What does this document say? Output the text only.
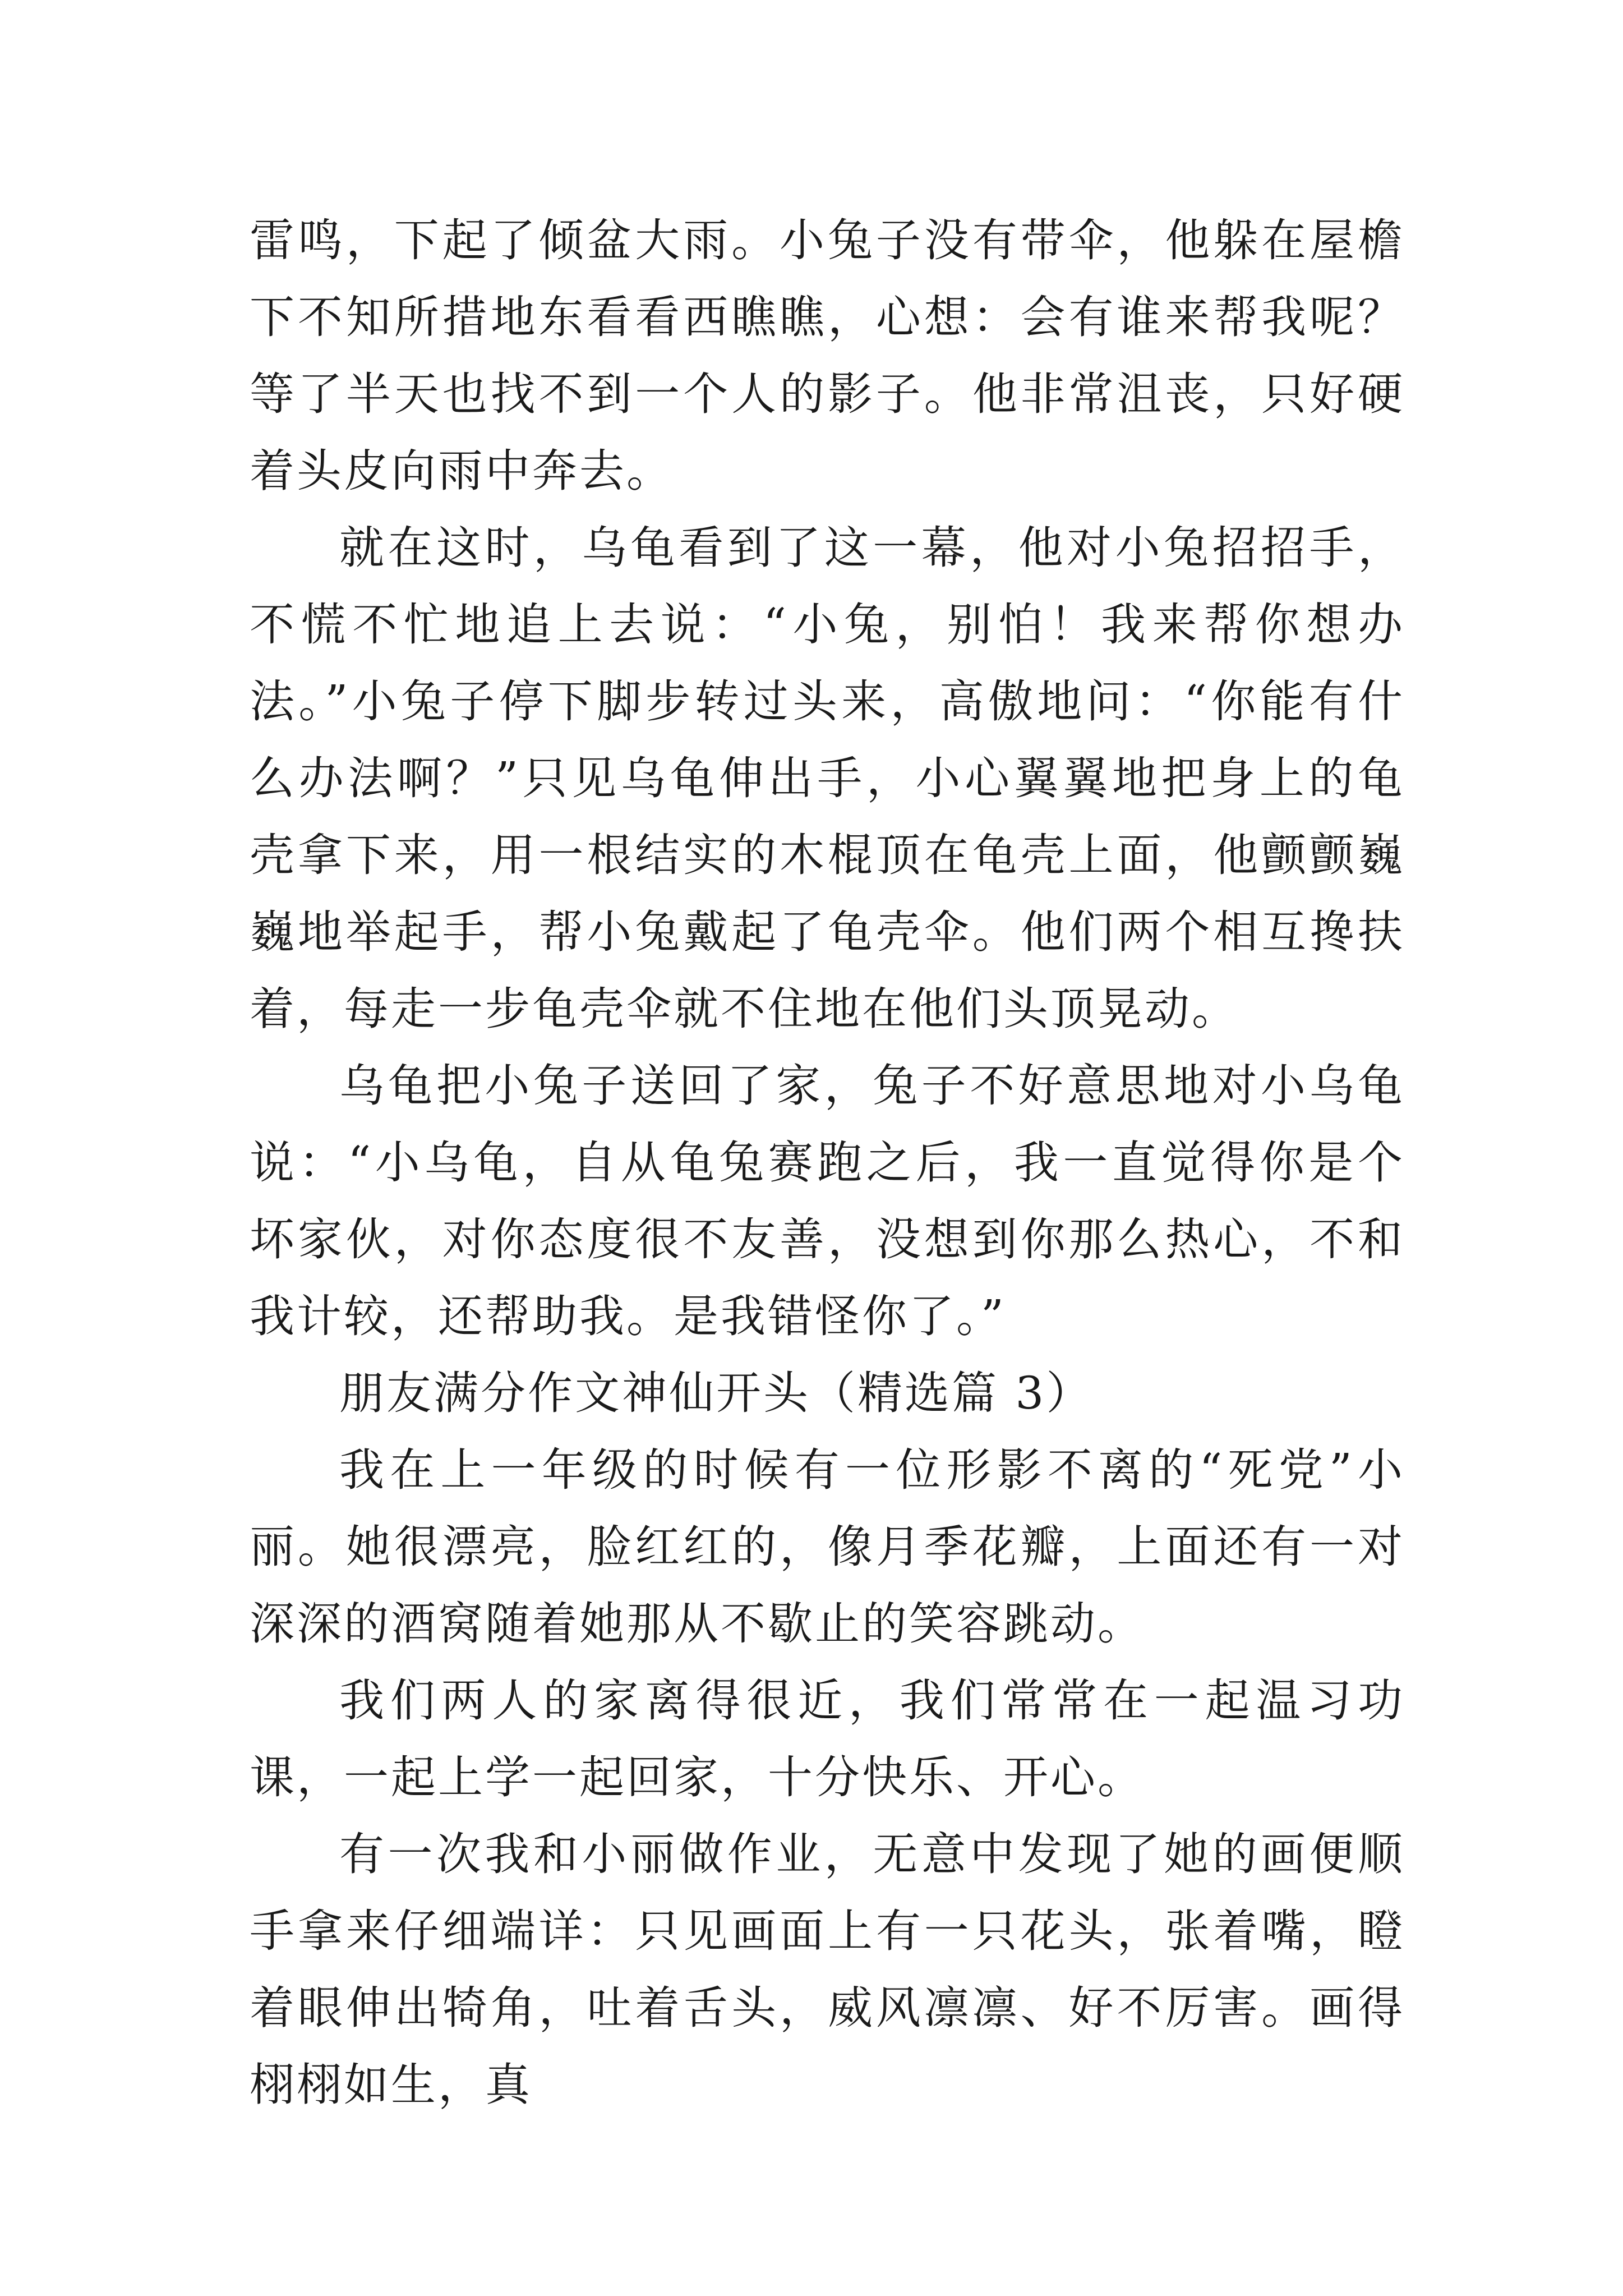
雷鸣，下起了倾盆大雨。小兔子没有带伞，他躲在屋檐下不知所措地东看看西瞧瞧，心想：会有谁来帮我呢？等了半天也找不到一个人的影子。他非常沮丧，只好硬着头皮向雨中奔去。

就在这时，乌龟看到了这一幕，他对小兔招招手，不慌不忙地追上去说：“小兔，别怕！我来帮你想办法。”小兔子停下脚步转过头来，高傲地问：“你能有什么办法啊？”只见乌龟伸出手，小心翼翼地把身上的龟壳拿下来，用一根结实的木棍顶在龟壳上面，他颤颤巍巍地举起手，帮小兔戴起了龟壳伞。他们两个相互搀扶着，每走一步龟壳伞就不住地在他们头顶晃动。

乌龟把小兔子送回了家，兔子不好意思地对小乌龟说：“小乌龟，自从龟兔赛跑之后，我一直觉得你是个坏家伙，对你态度很不友善，没想到你那么热心，不和我计较，还帮助我。是我错怪你了。”

朋友满分作文神仙开头（精选篇 3）

我在上一年级的时候有一位形影不离的“死党”小丽。她很漂亮，脸红红的，像月季花瓣，上面还有一对深深的酒窝随着她那从不歇止的笑容跳动。

我们两人的家离得很近，我们常常在一起温习功课，一起上学一起回家，十分快乐、开心。

有一次我和小丽做作业，无意中发现了她的画便顺手拿来仔细端详：只见画面上有一只花头，张着嘴，瞪着眼伸出犄角，吐着舌头，威风凛凛、好不厉害。画得栩栩如生，真
